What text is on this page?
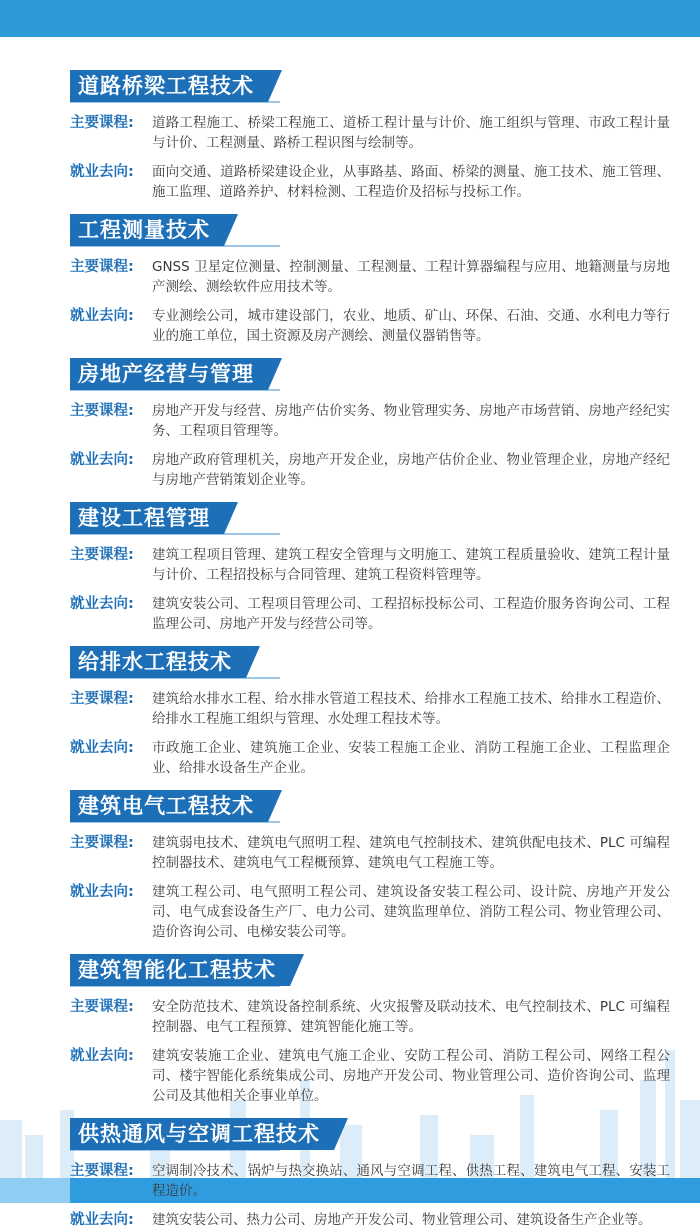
道路桥梁工程技术
主要课程:	道路工程施工、桥梁工程施工、道桥工程计量与计价、施工组织与管理、市政工程计量与计价、工程测量、路桥工程识图与绘制等。
就业去向:	面向交通、道路桥梁建设企业，从事路基、路面、桥梁的测量、施工技术、施工管理、施工监理、道路养护、材料检测、工程造价及招标与投标工作。
工程测量技术
主要课程:	GNSS 卫星定位测量、控制测量、工程测量、工程计算器编程与应用、地籍测量与房地产测绘、测绘软件应用技术等。
就业去向:	专业测绘公司，城市建设部门，农业、地质、矿山、环保、石油、交通、水利电力等行业的施工单位，国土资源及房产测绘、测量仪器销售等。
房地产经营与管理
主要课程:	房地产开发与经营、房地产估价实务、物业管理实务、房地产市场营销、房地产经纪实务、工程项目管理等。
就业去向:	房地产政府管理机关，房地产开发企业，房地产估价企业、物业管理企业，房地产经纪与房地产营销策划企业等。
建设工程管理
主要课程:	建筑工程项目管理、建筑工程安全管理与文明施工、建筑工程质量验收、建筑工程计量与计价、工程招投标与合同管理、建筑工程资料管理等。
就业去向:	建筑安装公司、工程项目管理公司、工程招标投标公司、工程造价服务咨询公司、工程监理公司、房地产开发与经营公司等。
给排水工程技术
主要课程:	建筑给水排水工程、给水排水管道工程技术、给排水工程施工技术、给排水工程造价、给排水工程施工组织与管理、水处理工程技术等。
就业去向:	市政施工企业、建筑施工企业、安装工程施工企业、消防工程施工企业、工程监理企业、给排水设备生产企业。
建筑电气工程技术
主要课程:	建筑弱电技术、建筑电气照明工程、建筑电气控制技术、建筑供配电技术、PLC 可编程控制器技术、建筑电气工程概预算、建筑电气工程施工等。
就业去向:	建筑工程公司、电气照明工程公司、建筑设备安装工程公司、设计院、房地产开发公司、电气成套设备生产厂、电力公司、建筑监理单位、消防工程公司、物业管理公司、造价咨询公司、电梯安装公司等。
建筑智能化工程技术
主要课程:	安全防范技术、建筑设备控制系统、火灾报警及联动技术、电气控制技术、PLC 可编程控制器、电气工程预算、建筑智能化施工等。
就业去向:	建筑安装施工企业、建筑电气施工企业、安防工程公司、消防工程公司、网络工程公司、楼宇智能化系统集成公司、房地产开发公司、物业管理公司、造价咨询公司、监理公司及其他相关企事业单位。
供热通风与空调工程技术
主要课程:	空调制冷技术、锅炉与热交换站、通风与空调工程、供热工程、建筑电气工程、安装工程造价。
就业去向:	建筑安装公司、热力公司、房地产开发公司、物业管理公司、建筑设备生产企业等。
